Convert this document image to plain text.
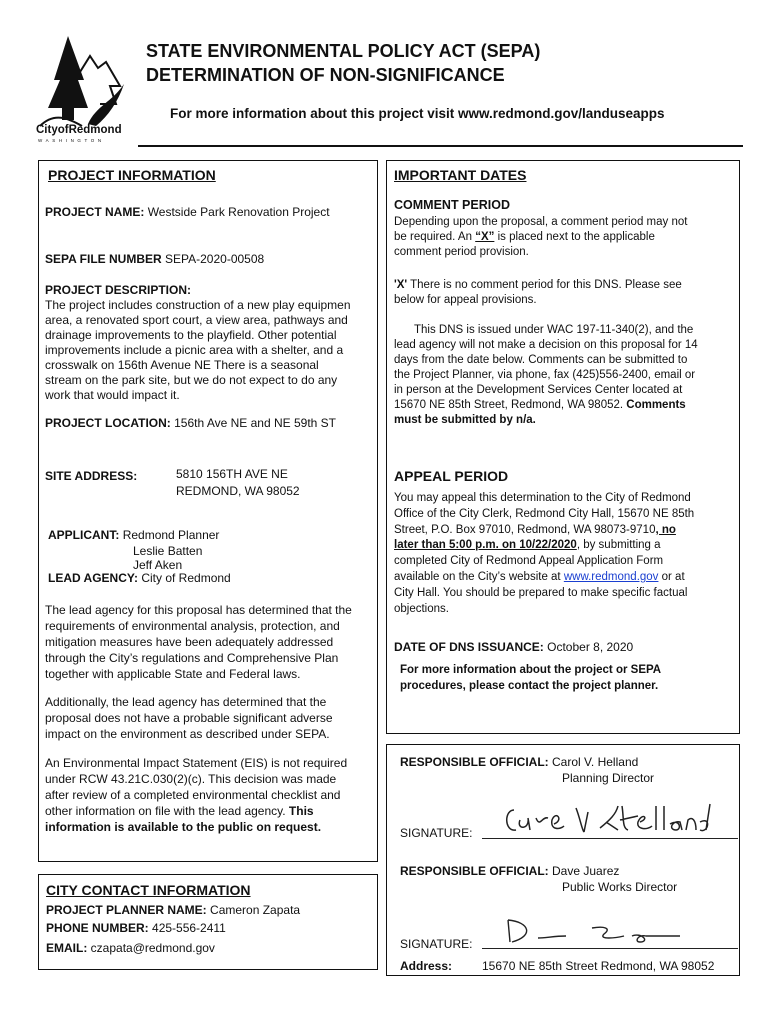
CityofRedmond
WASHINGTON
STATE ENVIRONMENTAL POLICY ACT (SEPA)
DETERMINATION OF NON-SIGNIFICANCE
For more information about this project visit www.redmond.gov/landuseapps
PROJECT INFORMATION
PROJECT NAME: Westside Park Renovation Project
SEPA FILE NUMBER SEPA-2020-00508
PROJECT DESCRIPTION:
The project includes construction of a new play equipmen
area, a renovated sport court, a view area, pathways and
drainage improvements to the playfield. Other potential
improvements include a picnic area with a shelter, and a
crosswalk on 156th Avenue NE There is a seasonal
stream on the park site, but we do not expect to do any
work that would impact it.
PROJECT LOCATION: 156th Ave NE and NE 59th ST
SITE ADDRESS:	5810 156TH AVE NE
REDMOND, WA 98052
APPLICANT: Redmond Planner
Leslie Batten
Jeff Aken
LEAD AGENCY: City of Redmond
The lead agency for this proposal has determined that the
requirements of environmental analysis, protection, and
mitigation measures have been adequately addressed
through the City’s regulations and Comprehensive Plan
together with applicable State and Federal laws.
Additionally, the lead agency has determined that the
proposal does not have a probable significant adverse
impact on the environment as described under SEPA.
An Environmental Impact Statement (EIS) is not required
under RCW 43.21C.030(2)(c). This decision was made
after review of a completed environmental checklist and
other information on file with the lead agency. This
information is available to the public on request.
IMPORTANT DATES
COMMENT PERIOD
Depending upon the proposal, a comment period may not
be required. An “X” is placed next to the applicable
comment period provision.
'X' There is no comment period for this DNS. Please see
below for appeal provisions.
This DNS is issued under WAC 197-11-340(2), and the
lead agency will not make a decision on this proposal for 14
days from the date below. Comments can be submitted to
the Project Planner, via phone, fax (425)556-2400, email or
in person at the Development Services Center located at
15670 NE 85th Street, Redmond, WA 98052. Comments
must be submitted by n/a.
APPEAL PERIOD
You may appeal this determination to the City of Redmond
Office of the City Clerk, Redmond City Hall, 15670 NE 85th
Street, P.O. Box 97010, Redmond, WA 98073-9710, no
later than 5:00 p.m. on 10/22/2020, by submitting a
completed City of Redmond Appeal Application Form
available on the City’s website at www.redmond.gov or at
City Hall. You should be prepared to make specific factual
objections.
DATE OF DNS ISSUANCE: October 8, 2020
For more information about the project or SEPA
procedures, please contact the project planner.
RESPONSIBLE OFFICIAL: Carol V. Helland
Planning Director
SIGNATURE:
RESPONSIBLE OFFICIAL: Dave Juarez
Public Works Director
SIGNATURE:
Address: 15670 NE 85th Street Redmond, WA 98052
CITY CONTACT INFORMATION
PROJECT PLANNER NAME: Cameron Zapata
PHONE NUMBER: 425-556-2411
EMAIL: czapata@redmond.gov
